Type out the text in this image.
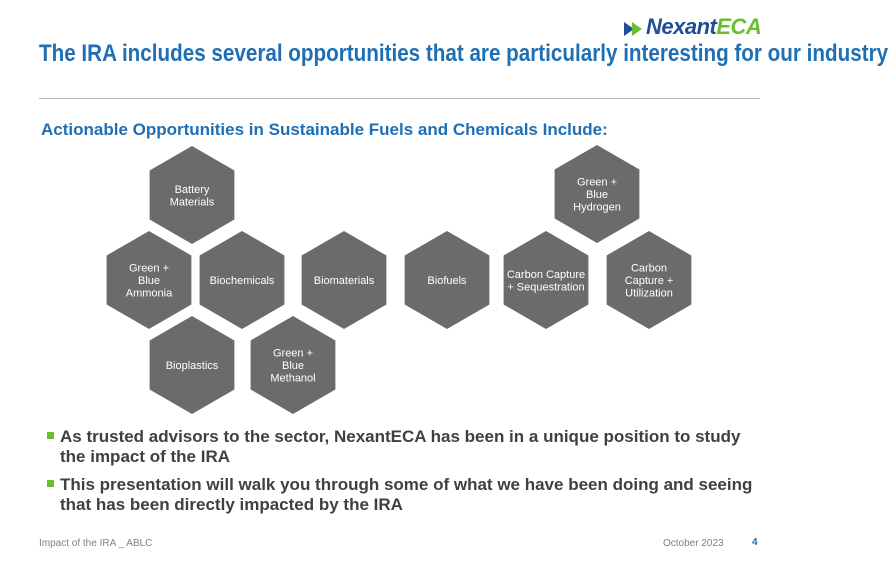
NexantECA
The IRA includes several opportunities that are particularly interesting for our industry
Actionable Opportunities in Sustainable Fuels and Chemicals Include:
Battery
Materials
Green +
Blue
Ammonia
Biochemicals	Biomaterials	Biofuels
Bioplastics
Green +
Blue
Methanol
Green +
Blue
Hydrogen
Carbon Capture
+ Sequestration
Carbon
Capture +
Utilization
As trusted advisors to the sector, NexantECA has been in a unique position to study the impact of the IRA
This presentation will walk you through some of what we have been doing and seeing that has been directly impacted by the IRA
Impact of the IRA _ ABLC	October 2023	4
